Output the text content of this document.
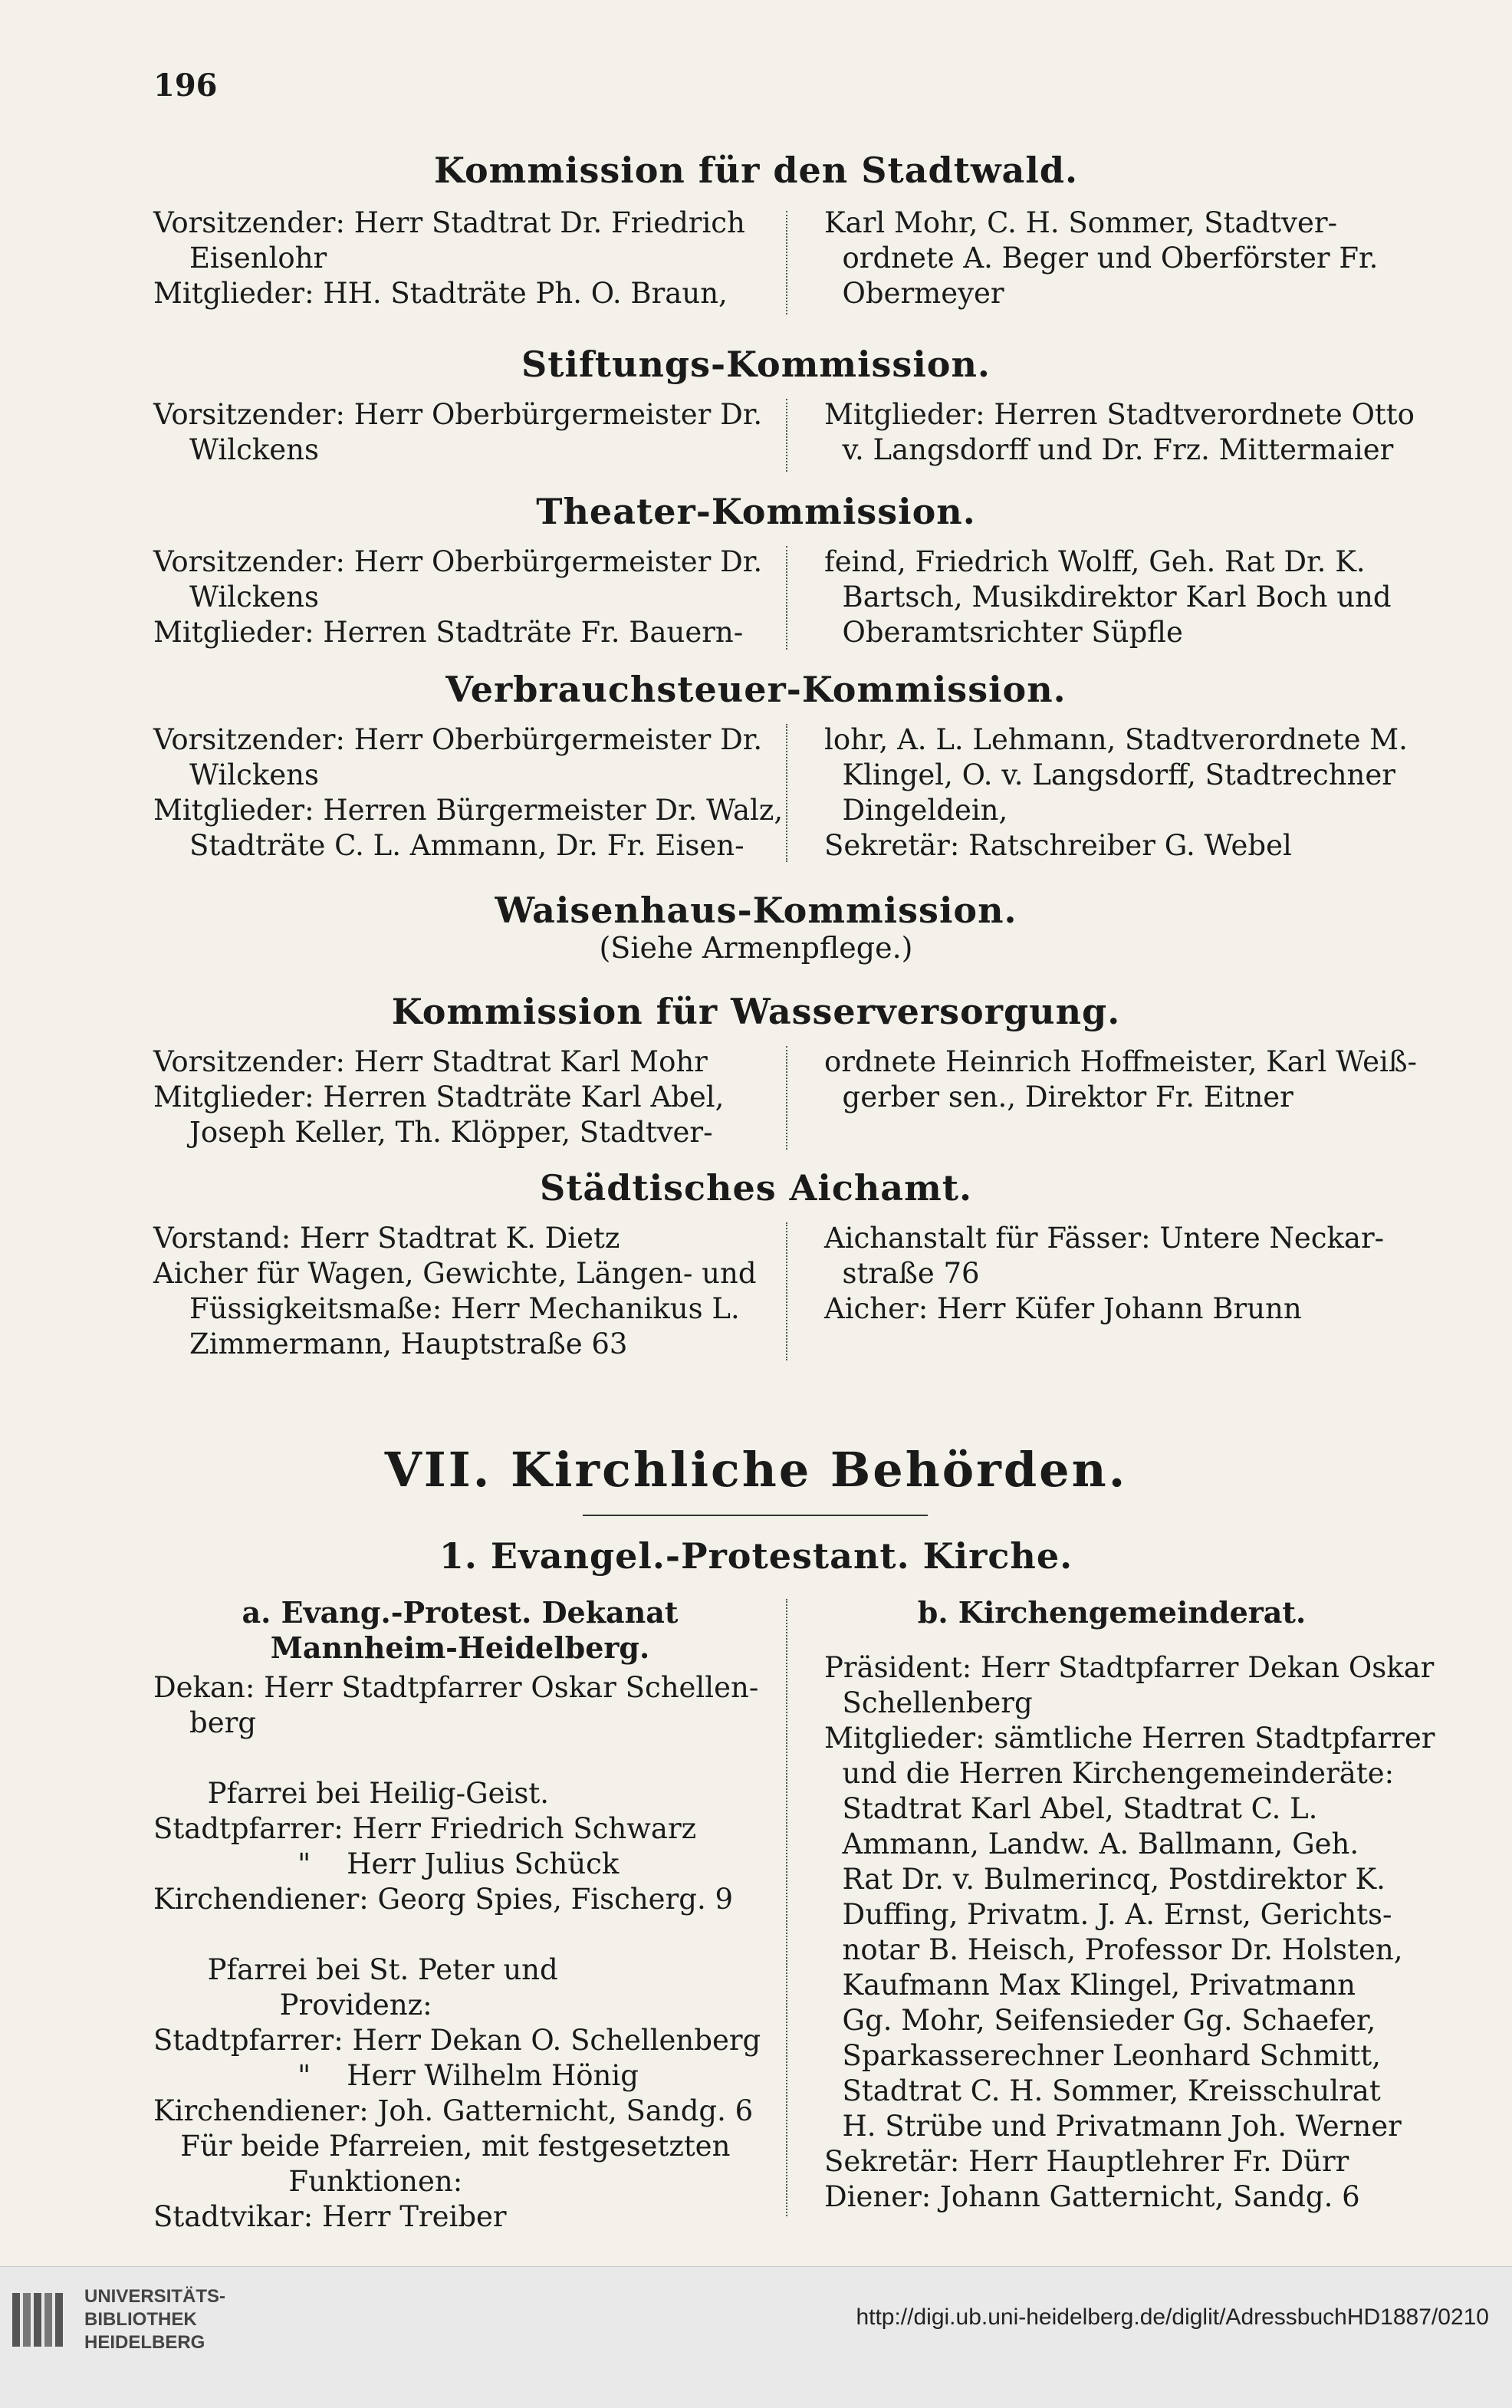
196
Kommission für den Stadtwald.
Vorsitzender: Herr Stadtrat Dr. Friedrich
Eisenlohr
Mitglieder: HH. Stadträte Ph. O. Braun,
Karl Mohr, C. H. Sommer, Stadtver-
ordnete A. Beger und Oberförster Fr.
Obermeyer
Stiftungs-Kommission.
Vorsitzender: Herr Oberbürgermeister Dr.
Wilckens
Mitglieder: Herren Stadtverordnete Otto
v. Langsdorff und Dr. Frz. Mittermaier
Theater-Kommission.
Vorsitzender: Herr Oberbürgermeister Dr.
Wilckens
Mitglieder: Herren Stadträte Fr. Bauern-
feind, Friedrich Wolff, Geh. Rat Dr. K.
Bartsch, Musikdirektor Karl Boch und
Oberamtsrichter Süpfle
Verbrauchsteuer-Kommission.
Vorsitzender: Herr Oberbürgermeister Dr.
Wilckens
Mitglieder: Herren Bürgermeister Dr. Walz,
Stadträte C. L. Ammann, Dr. Fr. Eisen-
lohr, A. L. Lehmann, Stadtverordnete M.
Klingel, O. v. Langsdorff, Stadtrechner
Dingeldein,
Sekretär: Ratschreiber G. Webel
Waisenhaus-Kommission.
(Siehe Armenpflege.)
Kommission für Wasserversorgung.
Vorsitzender: Herr Stadtrat Karl Mohr
Mitglieder: Herren Stadträte Karl Abel,
Joseph Keller, Th. Klöpper, Stadtver-
ordnete Heinrich Hoffmeister, Karl Weiß-
gerber sen., Direktor Fr. Eitner
Städtisches Aichamt.
Vorstand: Herr Stadtrat K. Dietz
Aicher für Wagen, Gewichte, Längen- und
Füssigkeitsmaße: Herr Mechanikus L.
Zimmermann, Hauptstraße 63
Aichanstalt für Fässer: Untere Neckar-
straße 76
Aicher: Herr Küfer Johann Brunn
VII. Kirchliche Behörden.
1. Evangel.-Protestant. Kirche.
a. Evang.-Protest. Dekanat
Mannheim-Heidelberg.
Dekan: Herr Stadtpfarrer Oskar Schellen-
berg

Pfarrei bei Heilig-Geist.
Stadtpfarrer: Herr Friedrich Schwarz
"    Herr Julius Schück
Kirchendiener: Georg Spies, Fischerg. 9

Pfarrei bei St. Peter und
Providenz:
Stadtpfarrer: Herr Dekan O. Schellenberg
"    Herr Wilhelm Hönig
Kirchendiener: Joh. Gatternicht, Sandg. 6
Für beide Pfarreien, mit festgesetzten
Funktionen:
Stadtvikar: Herr Treiber
b. Kirchengemeinderat.
Präsident: Herr Stadtpfarrer Dekan Oskar
Schellenberg
Mitglieder: sämtliche Herren Stadtpfarrer
und die Herren Kirchengemeinderäte:
Stadtrat Karl Abel, Stadtrat C. L.
Ammann, Landw. A. Ballmann, Geh.
Rat Dr. v. Bulmerincq, Postdirektor K.
Duffing, Privatm. J. A. Ernst, Gerichts-
notar B. Heisch, Professor Dr. Holsten,
Kaufmann Max Klingel, Privatmann
Gg. Mohr, Seifensieder Gg. Schaefer,
Sparkasserechner Leonhard Schmitt,
Stadtrat C. H. Sommer, Kreisschulrat
H. Strübe und Privatmann Joh. Werner
Sekretär: Herr Hauptlehrer Fr. Dürr
Diener: Johann Gatternicht, Sandg. 6
UNIVERSITÄTS-
BIBLIOTHEK
HEIDELBERG
http://digi.ub.uni-heidelberg.de/diglit/AdressbuchHD1887/0210
